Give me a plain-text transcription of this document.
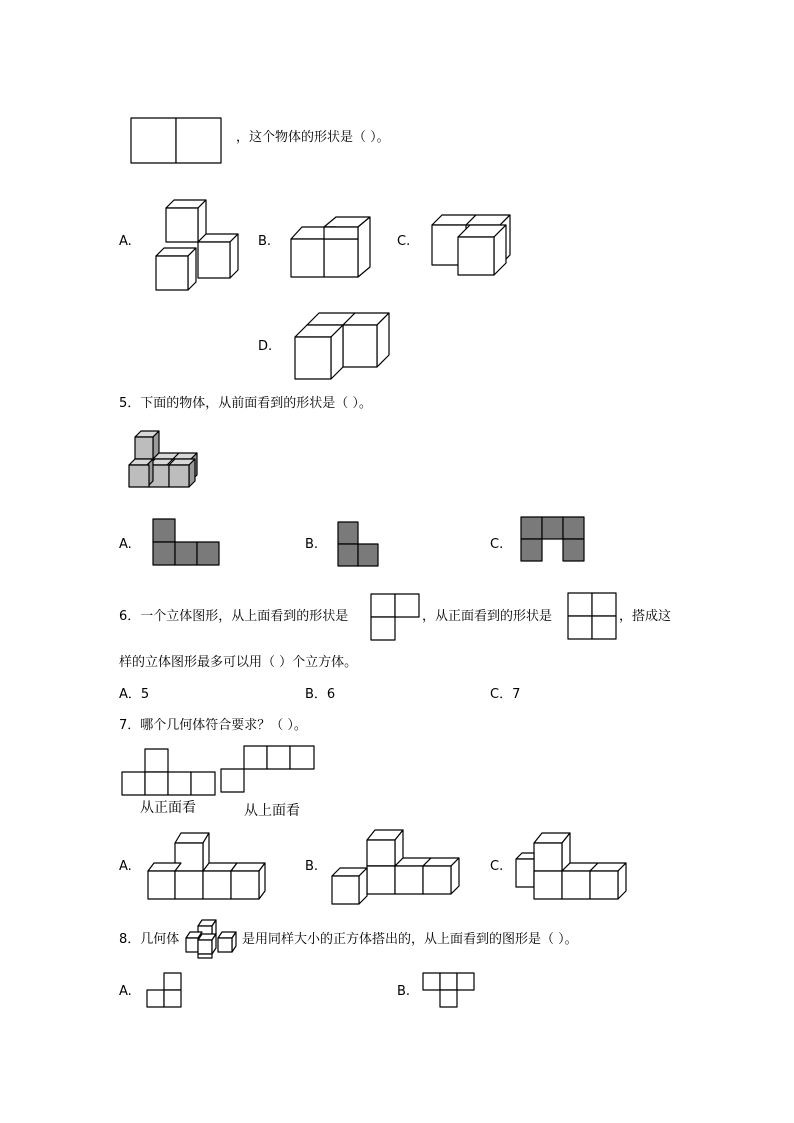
，这个物体的形状是（ ）。
A.	B.	C.
D.
5．下面的物体，从前面看到的形状是（ ）。
A.	B.	C.
6．一个立体图形，从上面看到的形状是	，从正面看到的形状是	，搭成这
样的立体图形最多可以用（ ）个立方体。
A．5	B．6	C．7
7．哪个几何体符合要求？（ ）。
从正面看	从上面看
A.	B.	C.
8．几何体	是用同样大小的正方体搭出的，从上面看到的图形是（ ）。
A.	B.
